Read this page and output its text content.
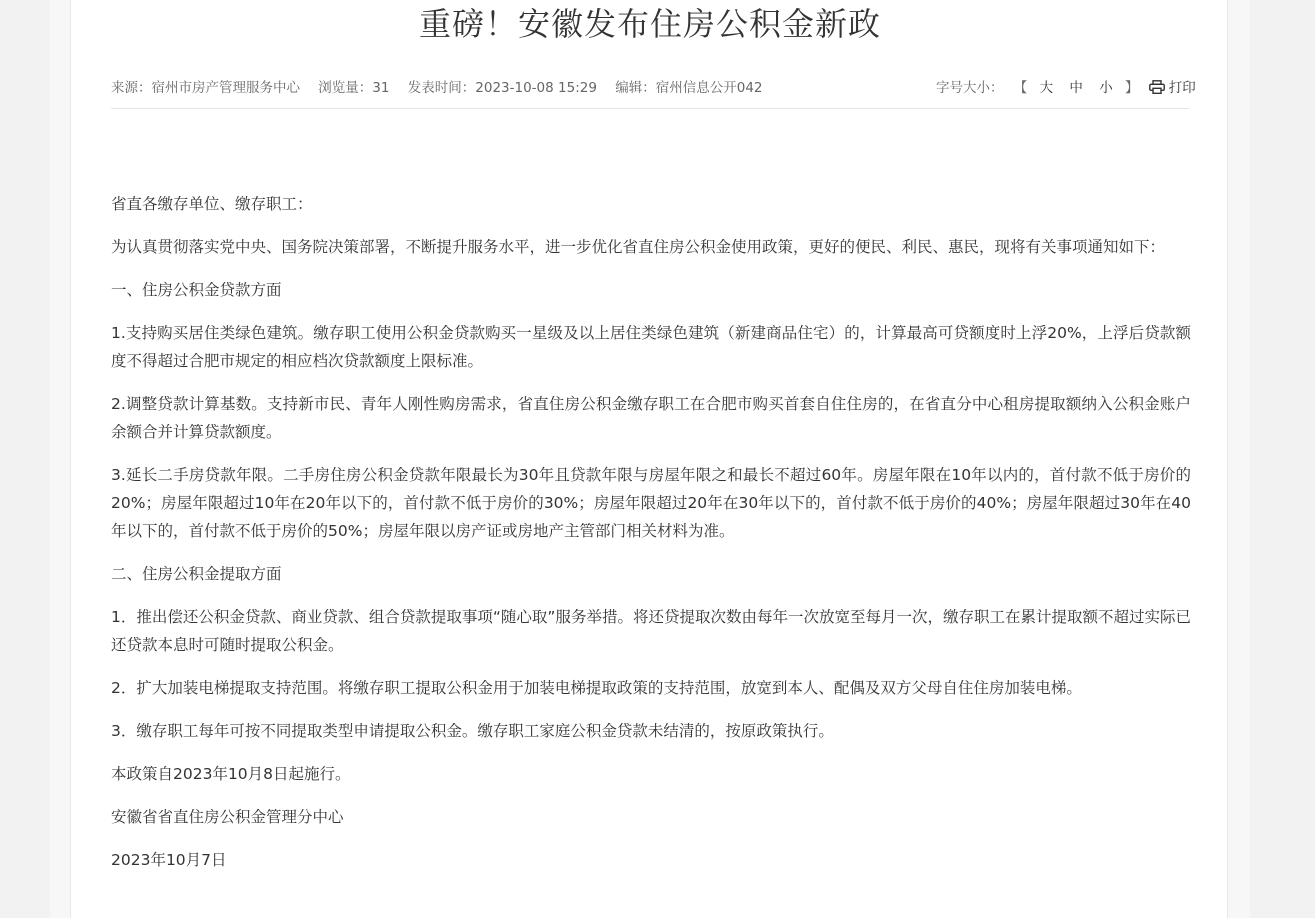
重磅！安徽发布住房公积金新政
来源：宿州市房产管理服务中心 浏览量：31 发表时间：2023-10-08 15:29 编辑：宿州信息公开042	字号大小： 【 大 中 小 】 打印

省直各缴存单位、缴存职工：

为认真贯彻落实党中央、国务院决策部署，不断提升服务水平，进一步优化省直住房公积金使用政策，更好的便民、利民、惠民，现将有关事项通知如下：

一、住房公积金贷款方面

1.支持购买居住类绿色建筑。缴存职工使用公积金贷款购买一星级及以上居住类绿色建筑（新建商品住宅）的，计算最高可贷额度时上浮20%，上浮后贷款额度不得超过合肥市规定的相应档次贷款额度上限标准。

2.调整贷款计算基数。支持新市民、青年人刚性购房需求，省直住房公积金缴存职工在合肥市购买首套自住住房的，在省直分中心租房提取额纳入公积金账户余额合并计算贷款额度。

3.延长二手房贷款年限。二手房住房公积金贷款年限最长为30年且贷款年限与房屋年限之和最长不超过60年。房屋年限在10年以内的，首付款不低于房价的20%；房屋年限超过10年在20年以下的，首付款不低于房价的30%；房屋年限超过20年在30年以下的，首付款不低于房价的40%；房屋年限超过30年在40年以下的，首付款不低于房价的50%；房屋年限以房产证或房地产主管部门相关材料为准。

二、住房公积金提取方面

1．推出偿还公积金贷款、商业贷款、组合贷款提取事项“随心取”服务举措。将还贷提取次数由每年一次放宽至每月一次，缴存职工在累计提取额不超过实际已还贷款本息时可随时提取公积金。

2．扩大加装电梯提取支持范围。将缴存职工提取公积金用于加装电梯提取政策的支持范围，放宽到本人、配偶及双方父母自住住房加装电梯。

3．缴存职工每年可按不同提取类型申请提取公积金。缴存职工家庭公积金贷款未结清的，按原政策执行。

本政策自2023年10月8日起施行。

安徽省省直住房公积金管理分中心

2023年10月7日
